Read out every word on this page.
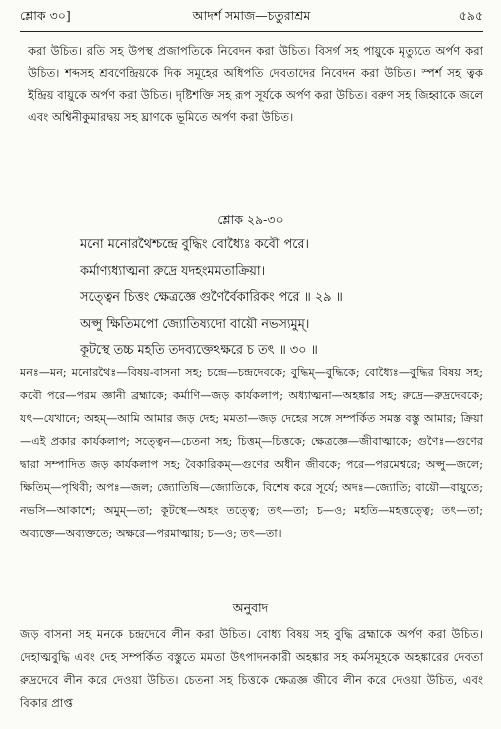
শ্লোক ৩০]	আদর্শ সমাজ—চতুরাশ্রম	৫৯৫
করা উচিত। রতি সহ উপস্থ প্রজাপতিকে নিবেদন করা উচিত। বিসর্গ সহ পায়ুকে মৃত্যুতে অর্পণ করা উচিত। শব্দসহ শ্রবণেন্দ্রিয়কে দিক সমূহের অধিপতি দেবতাদের নিবেদন করা উচিত। স্পর্শ সহ ত্বক ইন্দ্রিয় বায়ুকে অর্পণ করা উচিত। দৃষ্টিশক্তি সহ রূপ সূর্যকে অর্পণ করা উচিত। বরুণ সহ জিহ্বাকে জলে এবং অশ্বিনীকুমারদ্বয় সহ ঘ্রাণকে ভূমিতে অর্পণ করা উচিত।
শ্লোক ২৯-৩০
মনো মনোরথৈশ্চন্দ্রে বুদ্ধিং বোধ্যৈঃ কবৌ পরে।
কর্মাণ্যধ্যাত্মনা রুদ্রে যদহংমমতাক্রিয়া।
সত্ত্বেন চিত্তং ক্ষেত্রজ্ঞে গুণৈর্বৈকারিকং পরে ॥ ২৯ ॥
অপ্সু ক্ষিতিমপো জ্যোতিষ্যদো বায়ৌ নভস্যমুম্।
কূটস্থে তচ্চ মহতি তদব্যক্তেঽক্ষরে চ তৎ ॥ ৩০ ॥
মনঃ—মন; মনোরথৈঃ—বিষয়-বাসনা সহ; চন্দ্রে—চন্দ্রদেবকে; বুদ্ধিম্—বুদ্ধিকে; বোধ্যৈঃ—বুদ্ধির বিষয় সহ; কবৌ পরে—পরম জ্ঞানী ব্রহ্মাকে; কর্মাণি—জড় কার্যকলাপ; অধ্যাত্মনা—অহঙ্কার সহ; রুদ্রে—রুদ্রদেবকে; যৎ—যেখানে; অহম্—আমি আমার জড় দেহ; মমতা—জড় দেহের সঙ্গে সম্পর্কিত সমস্ত বস্তু আমার; ক্রিয়া—এই প্রকার কার্যকলাপ; সত্ত্বেন—চেতনা সহ; চিত্তম্—চিত্তকে; ক্ষেত্রজ্ঞে—জীবাত্মাকে; গুণৈঃ—গুণের দ্বারা সম্পাদিত জড় কার্যকলাপ সহ; বৈকারিকম্—গুণের অধীন জীবকে; পরে—পরমেশ্বরে; অপ্সু—জলে; ক্ষিতিম্—পৃথিবী; অপঃ—জল; জ্যোতিষি—জ্যোতিকে, বিশেষ করে সূর্যে; অদঃ—জ্যোতি; বায়ৌ—বায়ুতে; নভসি—আকাশে; অমুম্—তা; কূটস্থে—অহং তত্ত্বে; তৎ—তা; চ—ও; মহতি—মহত্তত্ত্বে; তৎ—তা; অব্যক্তে—অব্যক্ততে; অক্ষরে—পরমাত্মায়; চ—ও; তৎ—তা।
অনুবাদ
জড় বাসনা সহ মনকে চন্দ্রদেবে লীন করা উচিত। বোধ্য বিষয় সহ বুদ্ধি ব্রহ্মাকে অর্পণ করা উচিত। দেহাত্মবুদ্ধি এবং দেহ সম্পর্কিত বস্তুতে মমতা উৎপাদনকারী অহঙ্কার সহ কর্মসমূহকে অহঙ্কারের দেবতা রুদ্রদেবে লীন করে দেওয়া উচিত। চেতনা সহ চিত্তকে ক্ষেত্রজ্ঞ জীবে লীন করে দেওয়া উচিত, এবং বিকার প্রাপ্ত
